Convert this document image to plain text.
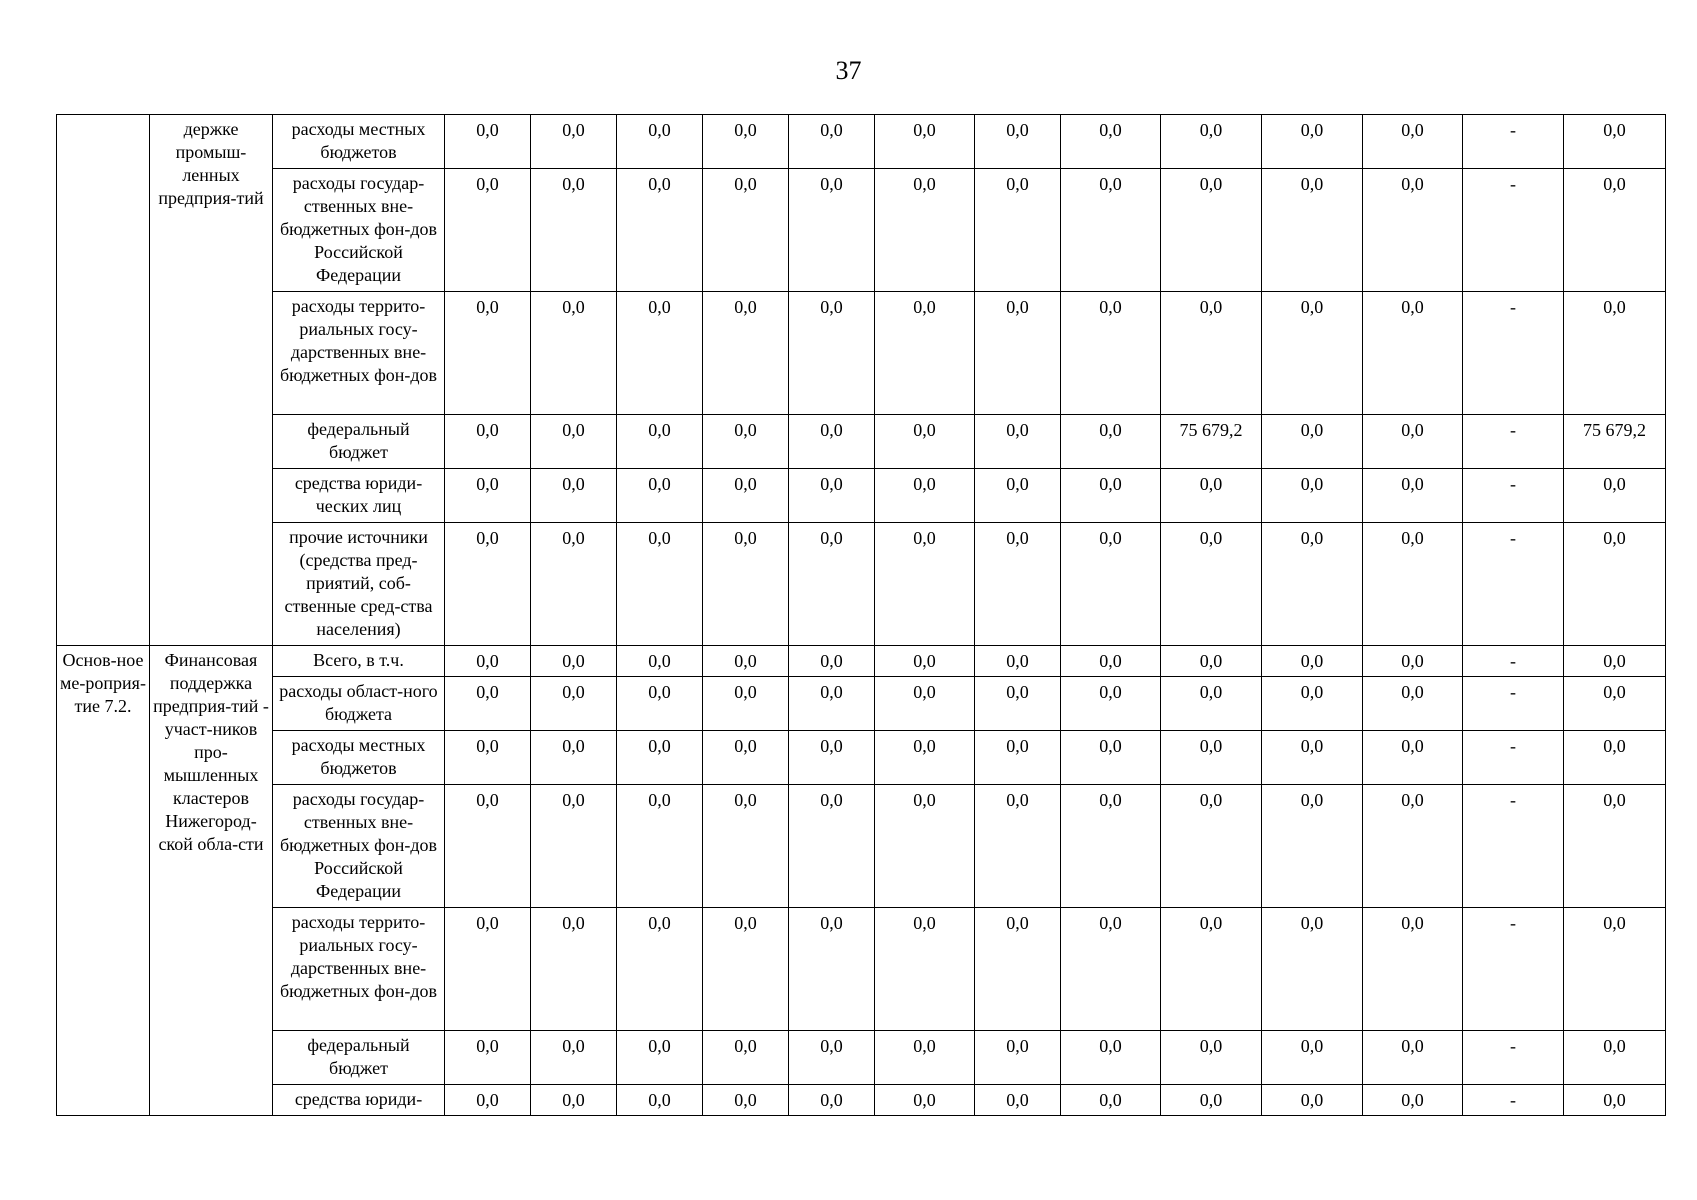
37
	держке промыш-ленных предприя-тий	расходы местных бюджетов	0,0	0,0	0,0	0,0	0,0	0,0	0,0	0,0	0,0	0,0	0,0	-	0,0
		расходы государ-ственных вне-бюджетных фон-дов Российской Федерации	0,0	0,0	0,0	0,0	0,0	0,0	0,0	0,0	0,0	0,0	0,0	-	0,0
		расходы террито-риальных госу-дарственных вне-бюджетных фон-дов	0,0	0,0	0,0	0,0	0,0	0,0	0,0	0,0	0,0	0,0	0,0	-	0,0
		федеральный бюджет	0,0	0,0	0,0	0,0	0,0	0,0	0,0	0,0	75 679,2	0,0	0,0	-	75 679,2
		средства юриди-ческих лиц	0,0	0,0	0,0	0,0	0,0	0,0	0,0	0,0	0,0	0,0	0,0	-	0,0
		прочие источники (средства пред-приятий, соб-ственные сред-ства населения)	0,0	0,0	0,0	0,0	0,0	0,0	0,0	0,0	0,0	0,0	0,0	-	0,0
Основ-ное ме-роприя-тие 7.2.	Финансовая поддержка предприя-тий - участ-ников про-мышленных кластеров Нижегород-ской обла-сти	Всего, в т.ч.	0,0	0,0	0,0	0,0	0,0	0,0	0,0	0,0	0,0	0,0	0,0	-	0,0
		расходы област-ного бюджета	0,0	0,0	0,0	0,0	0,0	0,0	0,0	0,0	0,0	0,0	0,0	-	0,0
		расходы местных бюджетов	0,0	0,0	0,0	0,0	0,0	0,0	0,0	0,0	0,0	0,0	0,0	-	0,0
		расходы государ-ственных вне-бюджетных фон-дов Российской Федерации	0,0	0,0	0,0	0,0	0,0	0,0	0,0	0,0	0,0	0,0	0,0	-	0,0
		расходы террито-риальных госу-дарственных вне-бюджетных фон-дов	0,0	0,0	0,0	0,0	0,0	0,0	0,0	0,0	0,0	0,0	0,0	-	0,0
		федеральный бюджет	0,0	0,0	0,0	0,0	0,0	0,0	0,0	0,0	0,0	0,0	0,0	-	0,0
		средства юриди-	0,0	0,0	0,0	0,0	0,0	0,0	0,0	0,0	0,0	0,0	0,0	-	0,0
